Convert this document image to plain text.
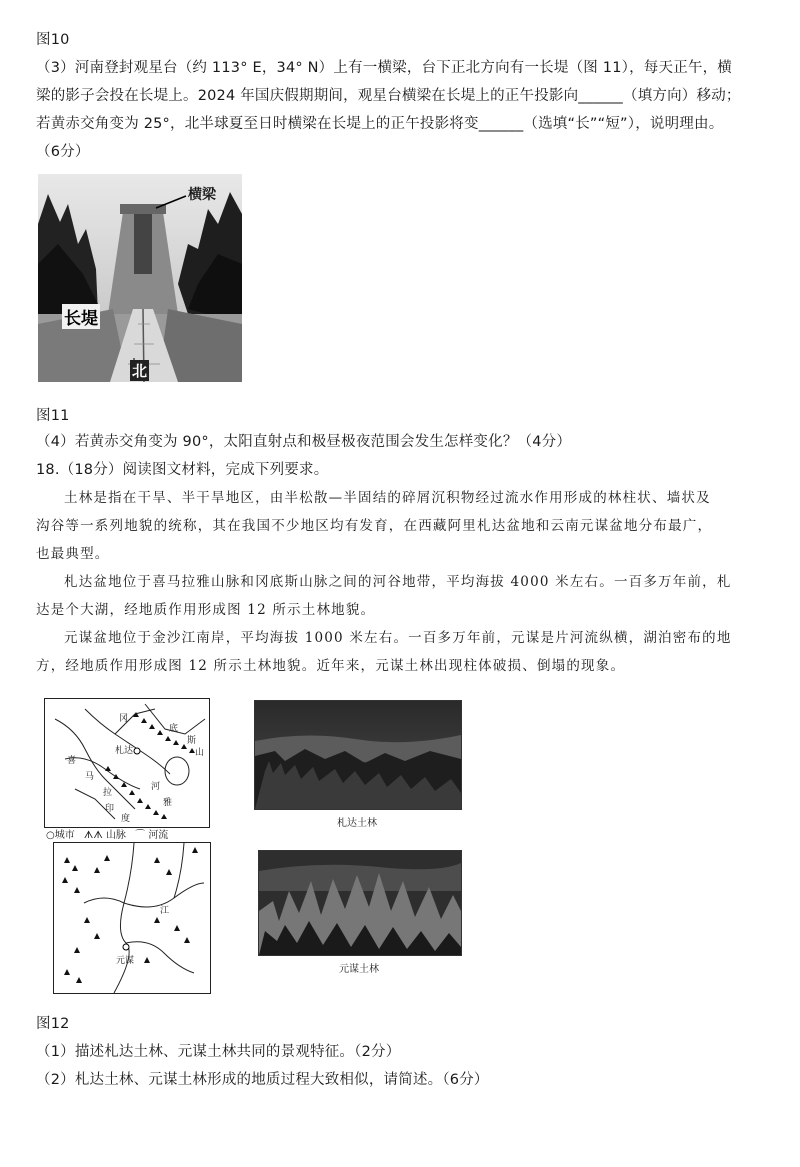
图10
（3）河南登封观星台（约 113° E，34° N）上有一横梁，台下正北方向有一长堤（图 11），每天正午，横
梁的影子会投在长堤上。2024 年国庆假期期间，观星台横梁在长堤上的正午投影向______（填方向）移动；
若黄赤交角变为 25°，北半球夏至日时横梁在长堤上的正午投影将变______（选填“长”“短”），说明理由。
（6分）
横梁
长堤
北
图11
（4）若黄赤交角变为 90°，太阳直射点和极昼极夜范围会发生怎样变化？（4分）
18.（18分）阅读图文材料，完成下列要求。
土林是指在干旱、半干旱地区，由半松散—半固结的碎屑沉积物经过流水作用形成的林柱状、墙状及
沟谷等一系列地貌的统称，其在我国不少地区均有发育，在西藏阿里札达盆地和云南元谋盆地分布最广，
也最典型。
札达盆地位于喜马拉雅山脉和冈底斯山脉之间的河谷地带，平均海拔 4000 米左右。一百多万年前，札
达是个大湖，经地质作用形成图 12 所示土林地貌。
元谋盆地位于金沙江南岸，平均海拔 1000 米左右。一百多万年前，元谋是片河流纵横，湖泊密布的地
方，经地质作用形成图 12 所示土林地貌。近年来，元谋土林出现柱体破损、倒塌的现象。
冈
底
斯
山
札达
喜
马
拉
雅
印
度
河
○城市 ᗑᗑ 山脉 ⌒ 河流
元谋
江
札达土林
元谋土林
图12
（1）描述札达土林、元谋土林共同的景观特征。（2分）
（2）札达土林、元谋土林形成的地质过程大致相似，请简述。（6分）
